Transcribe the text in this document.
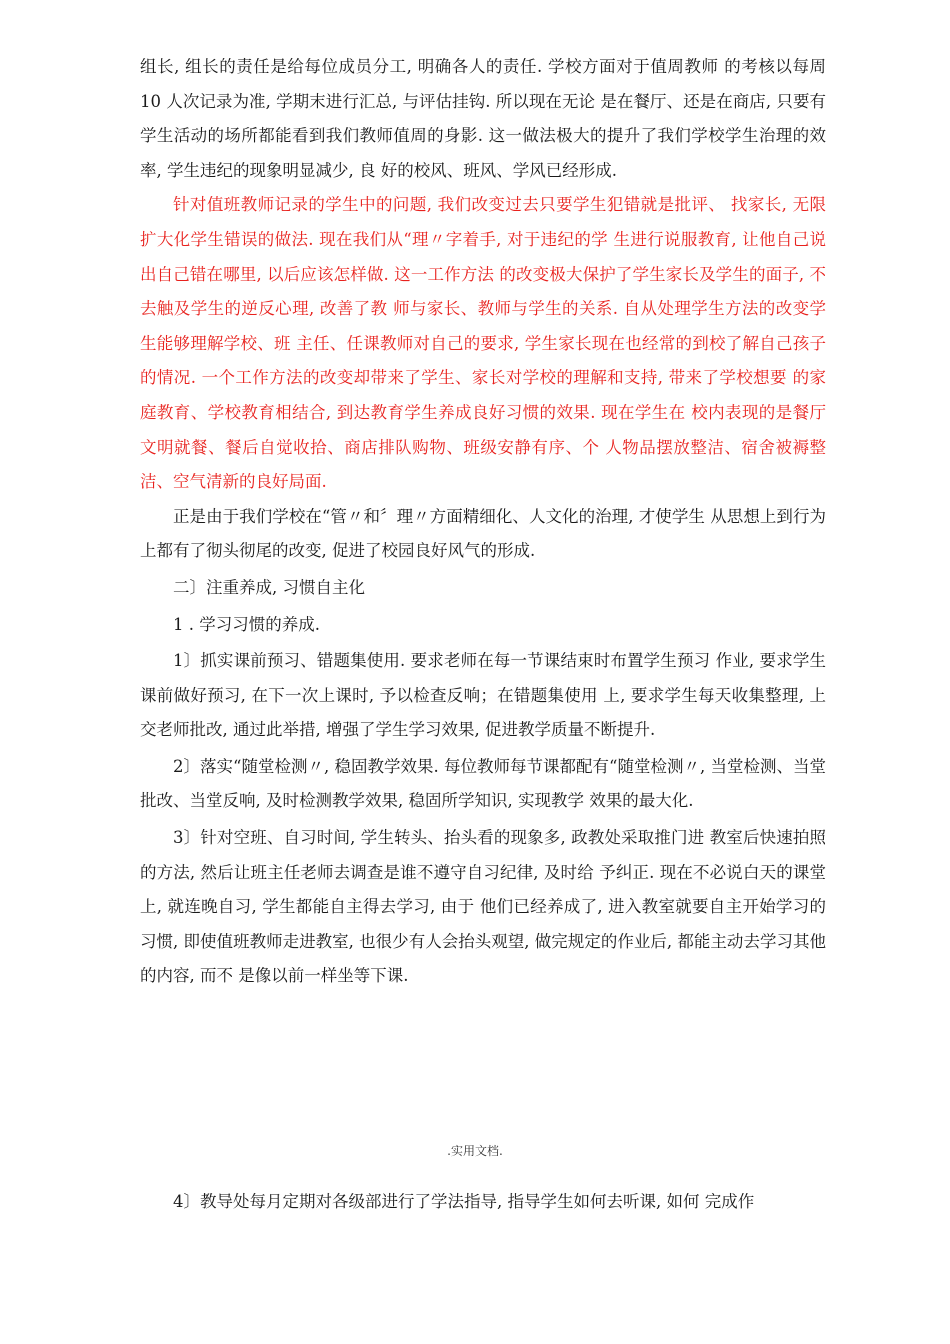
组长, 组长的责任是给每位成员分工, 明确各人的责任. 学校方面对于值周教师 的考核以每周 10 人次记录为准, 学期末进行汇总, 与评估挂钩. 所以现在无论 是在餐厅、还是在商店, 只要有学生活动的场所都能看到我们教师值周的身影. 这一做法极大的提升了我们学校学生治理的效率, 学生违纪的现象明显减少, 良 好的校风、班风、学风已经形成.

针对值班教师记录的学生中的问题, 我们改变过去只要学生犯错就是批评、 找家长, 无限扩大化学生错误的做法. 现在我们从“理〃字着手, 对于违纪的学 生进行说服教育, 让他自己说出自己错在哪里, 以后应该怎样做. 这一工作方法 的改变极大保护了学生家长及学生的面子, 不去触及学生的逆反心理, 改善了教 师与家长、教师与学生的关系. 自从处理学生方法的改变学生能够理解学校、班 主任、任课教师对自己的要求, 学生家长现在也经常的到校了解自己孩子的情况. 一个工作方法的改变却带来了学生、家长对学校的理解和支持, 带来了学校想要 的家庭教育、学校教育相结合, 到达教育学生养成良好习惯的效果. 现在学生在 校内表现的是餐厅文明就餐、餐后自觉收拾、商店排队购物、班级安静有序、个 人物品摆放整洁、宿舍被褥整洁、空气清新的良好局面.

正是由于我们学校在“管〃和〞理〃方面精细化、人文化的治理, 才使学生 从思想上到行为上都有了彻头彻尾的改变, 促进了校园良好风气的形成.

二〕注重养成, 习惯自主化

1 . 学习习惯的养成.

1〕抓实课前预习、错题集使用. 要求老师在每一节课结束时布置学生预习 作业, 要求学生课前做好预习, 在下一次上课时, 予以检查反响；在错题集使用 上, 要求学生每天收集整理, 上交老师批改, 通过此举措, 增强了学生学习效果, 促进教学质量不断提升.

2〕落实“随堂检测〃, 稳固教学效果. 每位教师每节课都配有“随堂检测〃, 当堂检测、当堂批改、当堂反响, 及时检测教学效果, 稳固所学知识, 实现教学 效果的最大化.

3〕针对空班、自习时间, 学生转头、抬头看的现象多, 政教处采取推门进 教室后快速拍照的方法, 然后让班主任老师去调查是谁不遵守自习纪律, 及时给 予纠正. 现在不必说白天的课堂上, 就连晚自习, 学生都能自主得去学习, 由于 他们已经养成了, 进入教室就要自主开始学习的习惯, 即使值班教师走进教室, 也很少有人会抬头观望, 做完规定的作业后, 都能主动去学习其他的内容, 而不 是像以前一样坐等下课.

.实用文档.

4〕教导处每月定期对各级部进行了学法指导, 指导学生如何去听课, 如何 完成作
